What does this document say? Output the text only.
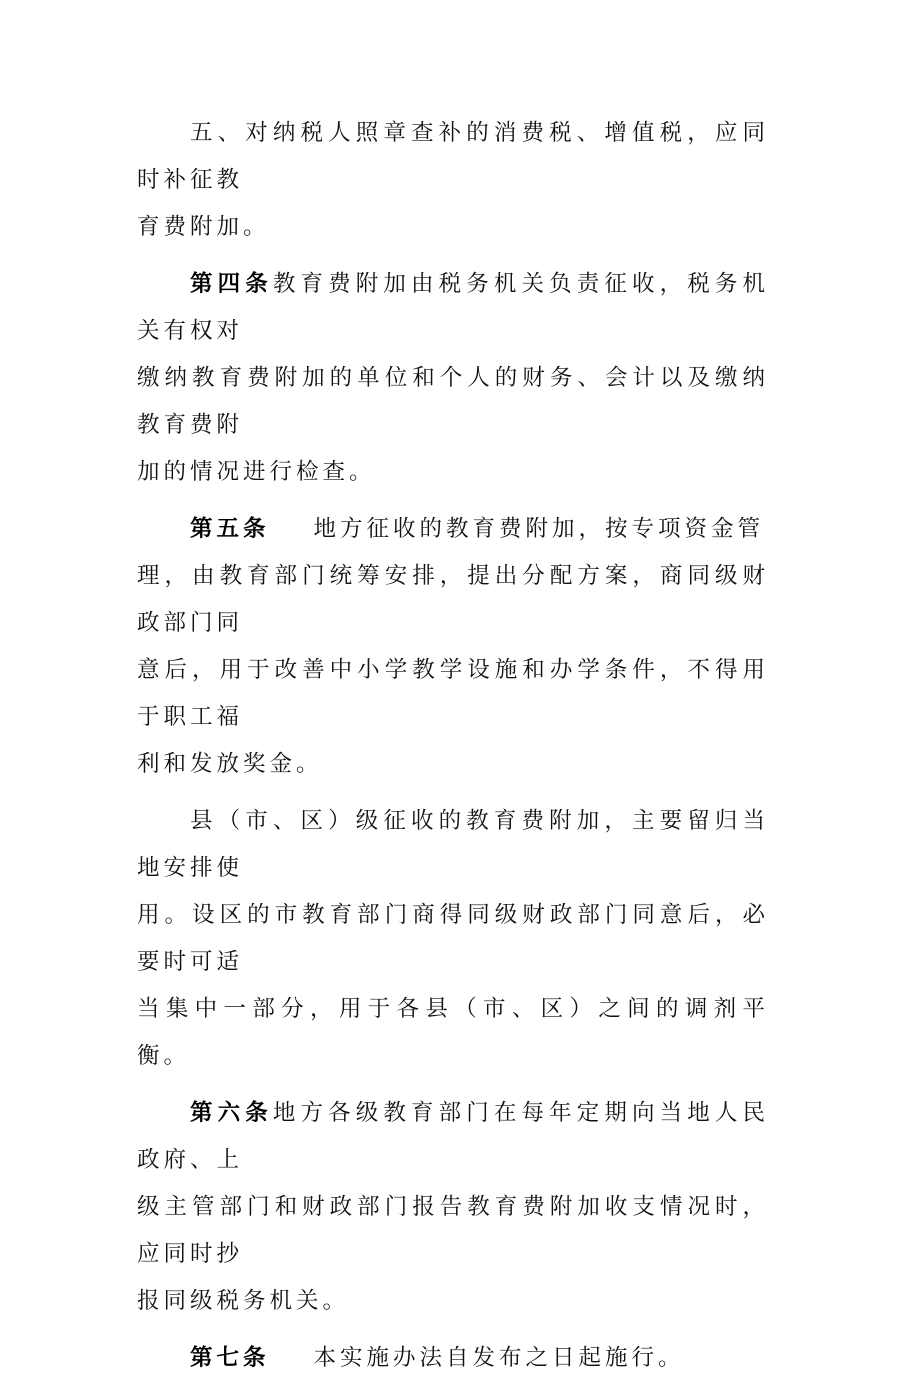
五、对纳税人照章查补的消费税、增值税，应同时补征教
育费附加。

第四条教育费附加由税务机关负责征收，税务机关有权对
缴纳教育费附加的单位和个人的财务、会计以及缴纳教育费附
加的情况进行检查。

第五条 地方征收的教育费附加，按专项资金管
理，由教育部门统筹安排，提出分配方案，商同级财政部门同
意后，用于改善中小学教学设施和办学条件，不得用于职工福
利和发放奖金。

县（市、区）级征收的教育费附加，主要留归当地安排使
用。设区的市教育部门商得同级财政部门同意后，必要时可适
当集中一部分，用于各县（市、区）之间的调剂平衡。

第六条地方各级教育部门在每年定期向当地人民政府、上
级主管部门和财政部门报告教育费附加收支情况时，应同时抄
报同级税务机关。

第七条 本实施办法自发布之日起施行。
